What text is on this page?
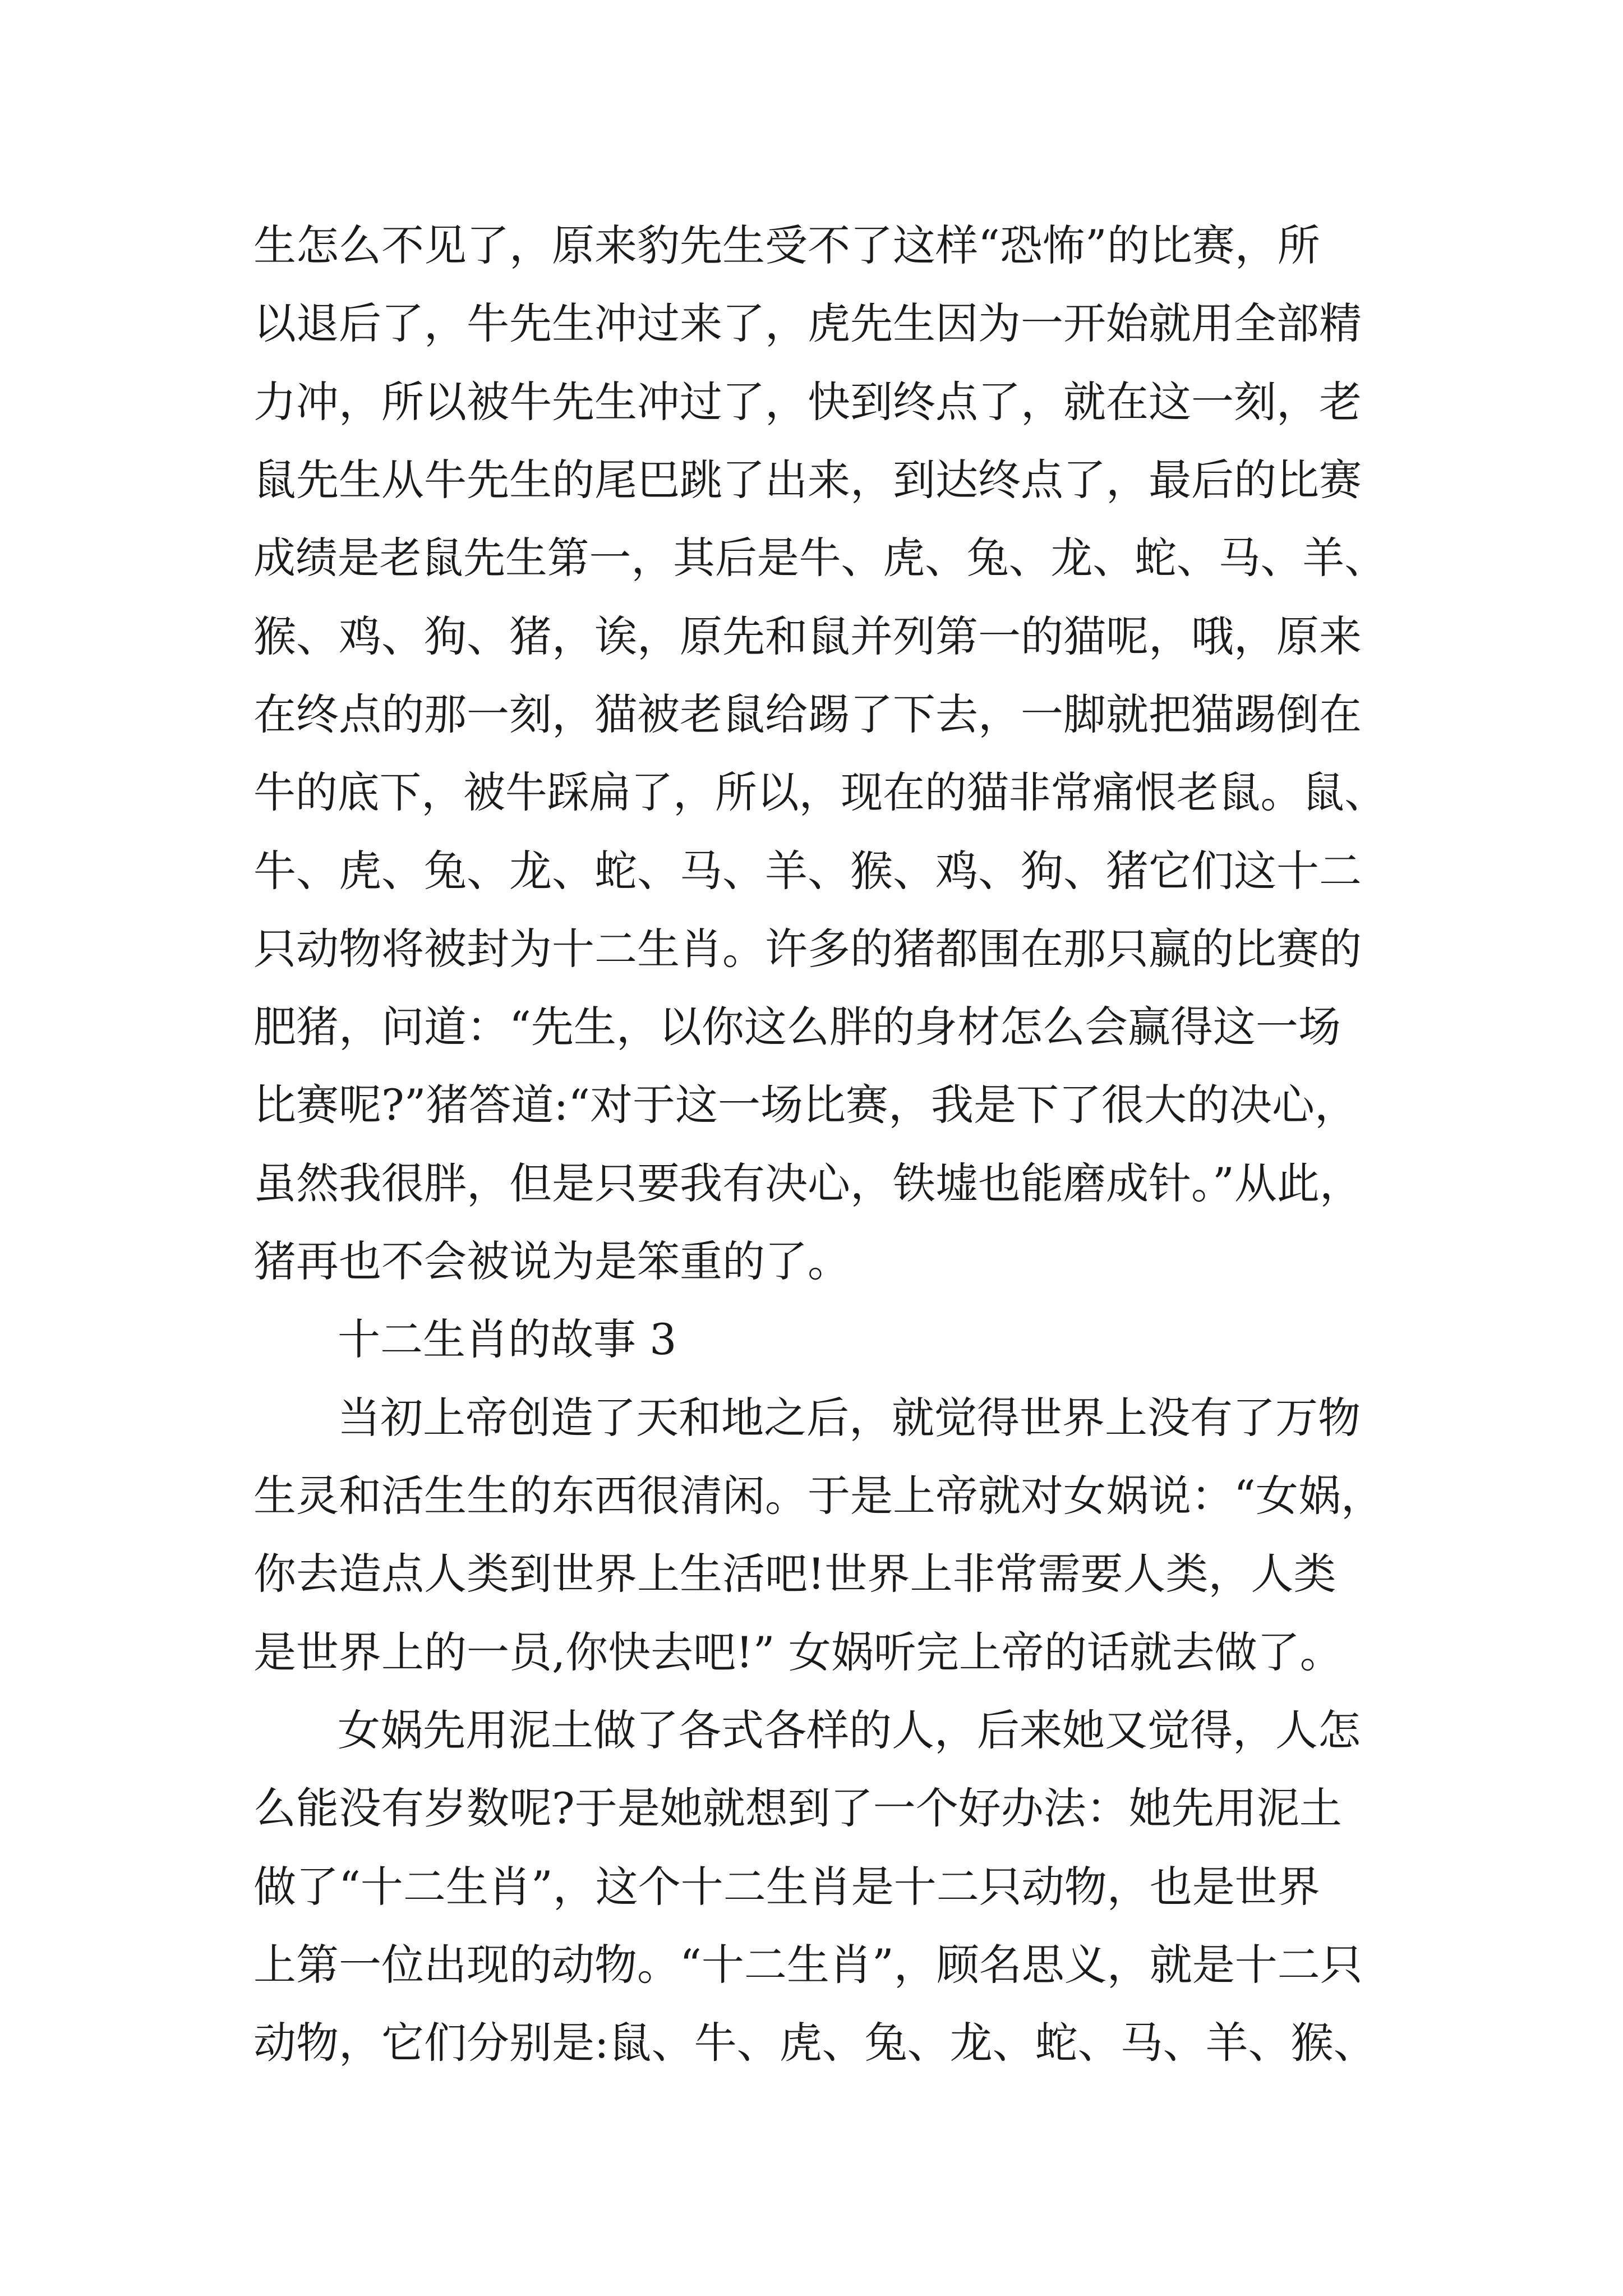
生怎么不见了，原来豹先生受不了这样“恐怖”的比赛，所
以退后了，牛先生冲过来了，虎先生因为一开始就用全部精
力冲，所以被牛先生冲过了，快到终点了，就在这一刻，老
鼠先生从牛先生的尾巴跳了出来，到达终点了，最后的比赛
成绩是老鼠先生第一，其后是牛、虎、兔、龙、蛇、马、羊、
猴、鸡、狗、猪，诶，原先和鼠并列第一的猫呢，哦，原来
在终点的那一刻，猫被老鼠给踢了下去，一脚就把猫踢倒在
牛的底下，被牛踩扁了，所以，现在的猫非常痛恨老鼠。鼠、
牛、虎、兔、龙、蛇、马、羊、猴、鸡、狗、猪它们这十二
只动物将被封为十二生肖。许多的猪都围在那只赢的比赛的
肥猪，问道：“先生，以你这么胖的身材怎么会赢得这一场
比赛呢?”猪答道:“对于这一场比赛，我是下了很大的决心，
虽然我很胖，但是只要我有决心，铁墟也能磨成针。”从此，
猪再也不会被说为是笨重的了。
十二生肖的故事 3
当初上帝创造了天和地之后，就觉得世界上没有了万物
生灵和活生生的东西很清闲。于是上帝就对女娲说：“女娲，
你去造点人类到世界上生活吧!世界上非常需要人类，人类
是世界上的一员,你快去吧!” 女娲听完上帝的话就去做了。
女娲先用泥土做了各式各样的人，后来她又觉得，人怎
么能没有岁数呢?于是她就想到了一个好办法：她先用泥土
做了“十二生肖”，这个十二生肖是十二只动物，也是世界
上第一位出现的动物。“十二生肖”，顾名思义，就是十二只
动物，它们分别是:鼠、牛、虎、兔、龙、蛇、马、羊、猴、
